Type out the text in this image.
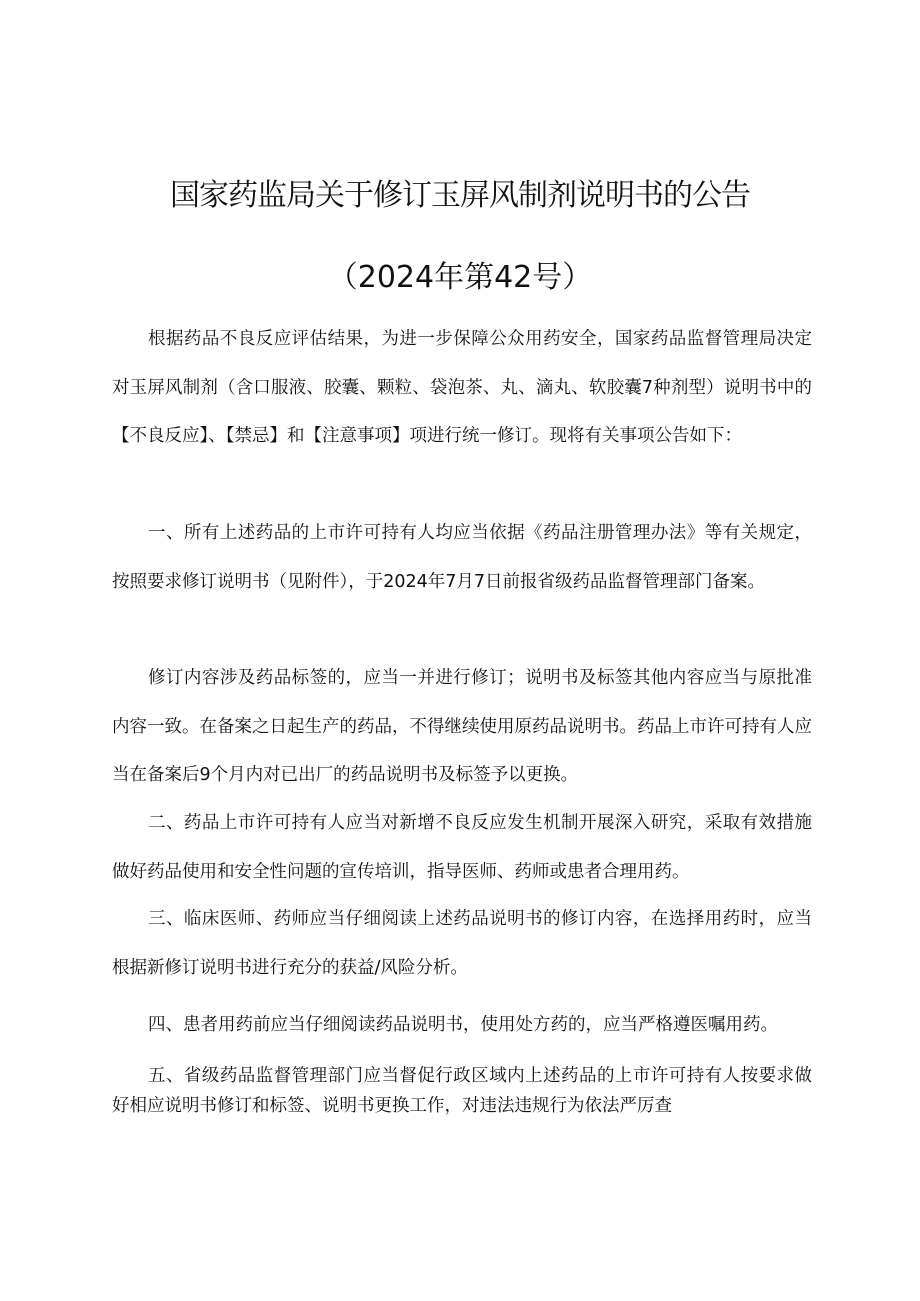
国家药监局关于修订玉屏风制剂说明书的公告
（2024年第42号）

根据药品不良反应评估结果，为进一步保障公众用药安全，国家药品监督管理局决定对玉屏风制剂（含口服液、胶囊、颗粒、袋泡茶、丸、滴丸、软胶囊7种剂型）说明书中的【不良反应】、【禁忌】和【注意事项】项进行统一修订。现将有关事项公告如下：

一、所有上述药品的上市许可持有人均应当依据《药品注册管理办法》等有关规定，按照要求修订说明书（见附件），于2024年7月7日前报省级药品监督管理部门备案。

修订内容涉及药品标签的，应当一并进行修订；说明书及标签其他内容应当与原批准内容一致。在备案之日起生产的药品，不得继续使用原药品说明书。药品上市许可持有人应当在备案后9个月内对已出厂的药品说明书及标签予以更换。

二、药品上市许可持有人应当对新增不良反应发生机制开展深入研究，采取有效措施做好药品使用和安全性问题的宣传培训，指导医师、药师或患者合理用药。

三、临床医师、药师应当仔细阅读上述药品说明书的修订内容，在选择用药时，应当根据新修订说明书进行充分的获益/风险分析。

四、患者用药前应当仔细阅读药品说明书，使用处方药的，应当严格遵医嘱用药。

五、省级药品监督管理部门应当督促行政区域内上述药品的上市许可持有人按要求做好相应说明书修订和标签、说明书更换工作，对违法违规行为依法严厉查
